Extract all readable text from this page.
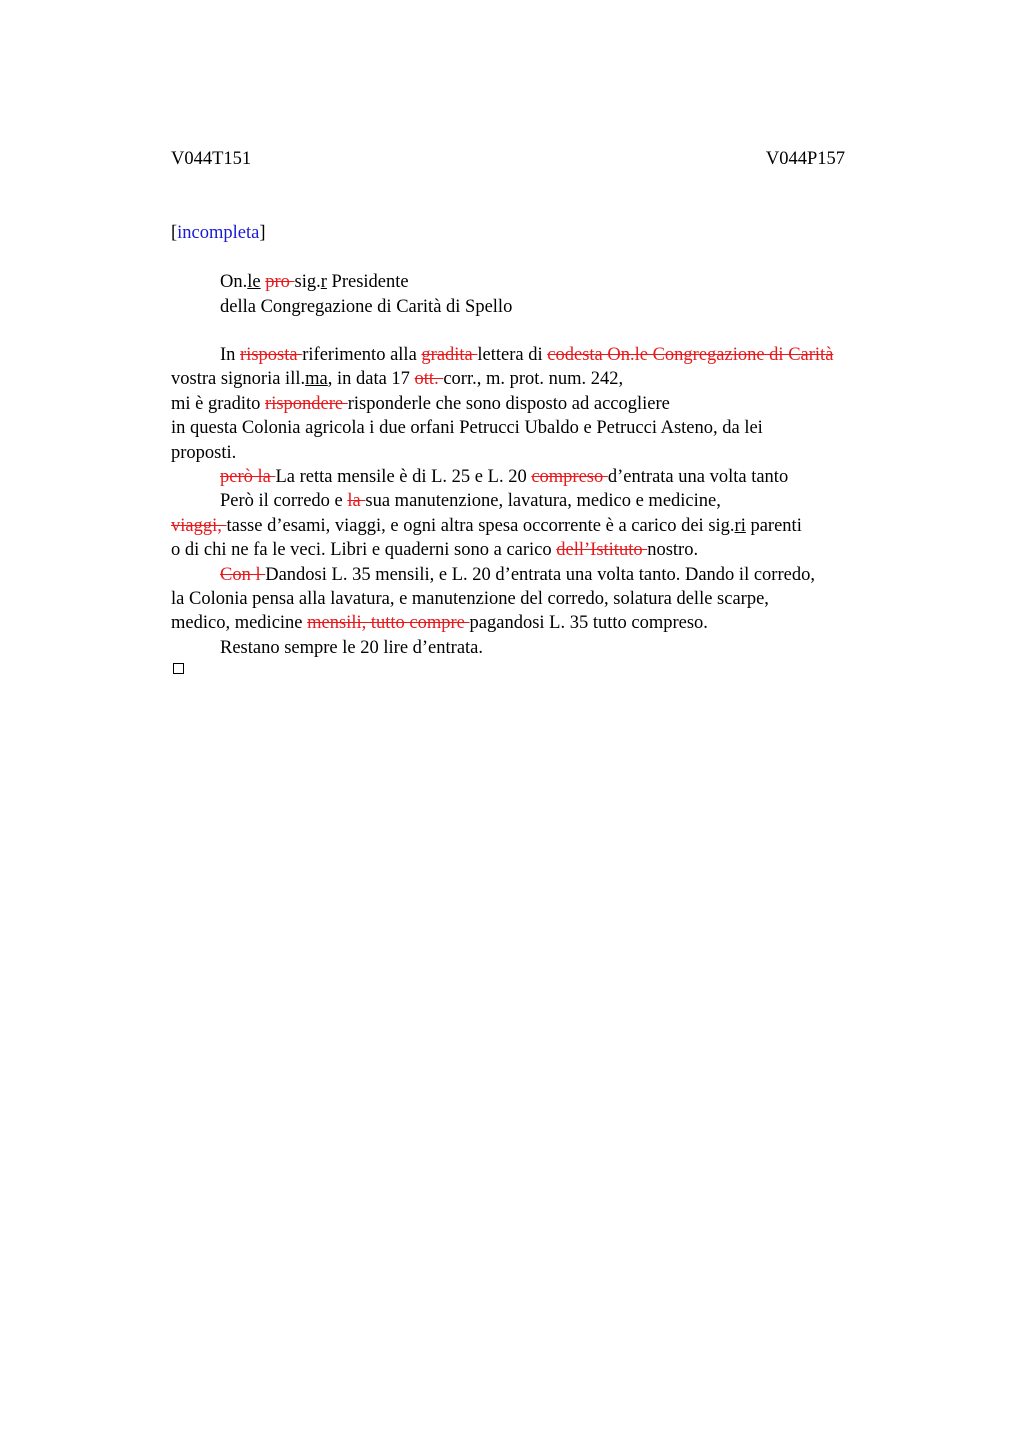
V044T151	V044P157
[incompleta]
On.le pro sig.r Presidente
della Congregazione di Carità di Spello
In risposta riferimento alla gradita lettera di codesta On.le Congregazione di Carità
vostra signoria ill.ma, in data 17 ott. corr., m. prot. num. 242,
mi è gradito rispondere risponderle che sono disposto ad accogliere
in questa Colonia agricola i due orfani Petrucci Ubaldo e Petrucci Asteno, da lei
proposti.
però la La retta mensile è di L. 25 e L. 20 compreso d’entrata una volta tanto
Però il corredo e la sua manutenzione, lavatura, medico e medicine,
viaggi, tasse d’esami, viaggi, e ogni altra spesa occorrente è a carico dei sig.ri parenti
o di chi ne fa le veci. Libri e quaderni sono a carico dell’Istituto nostro.
Con l Dandosi L. 35 mensili, e L. 20 d’entrata una volta tanto. Dando il corredo,
la Colonia pensa alla lavatura, e manutenzione del corredo, solatura delle scarpe,
medico, medicine mensili, tutto compre pagandosi L. 35 tutto compreso.
Restano sempre le 20 lire d’entrata.
